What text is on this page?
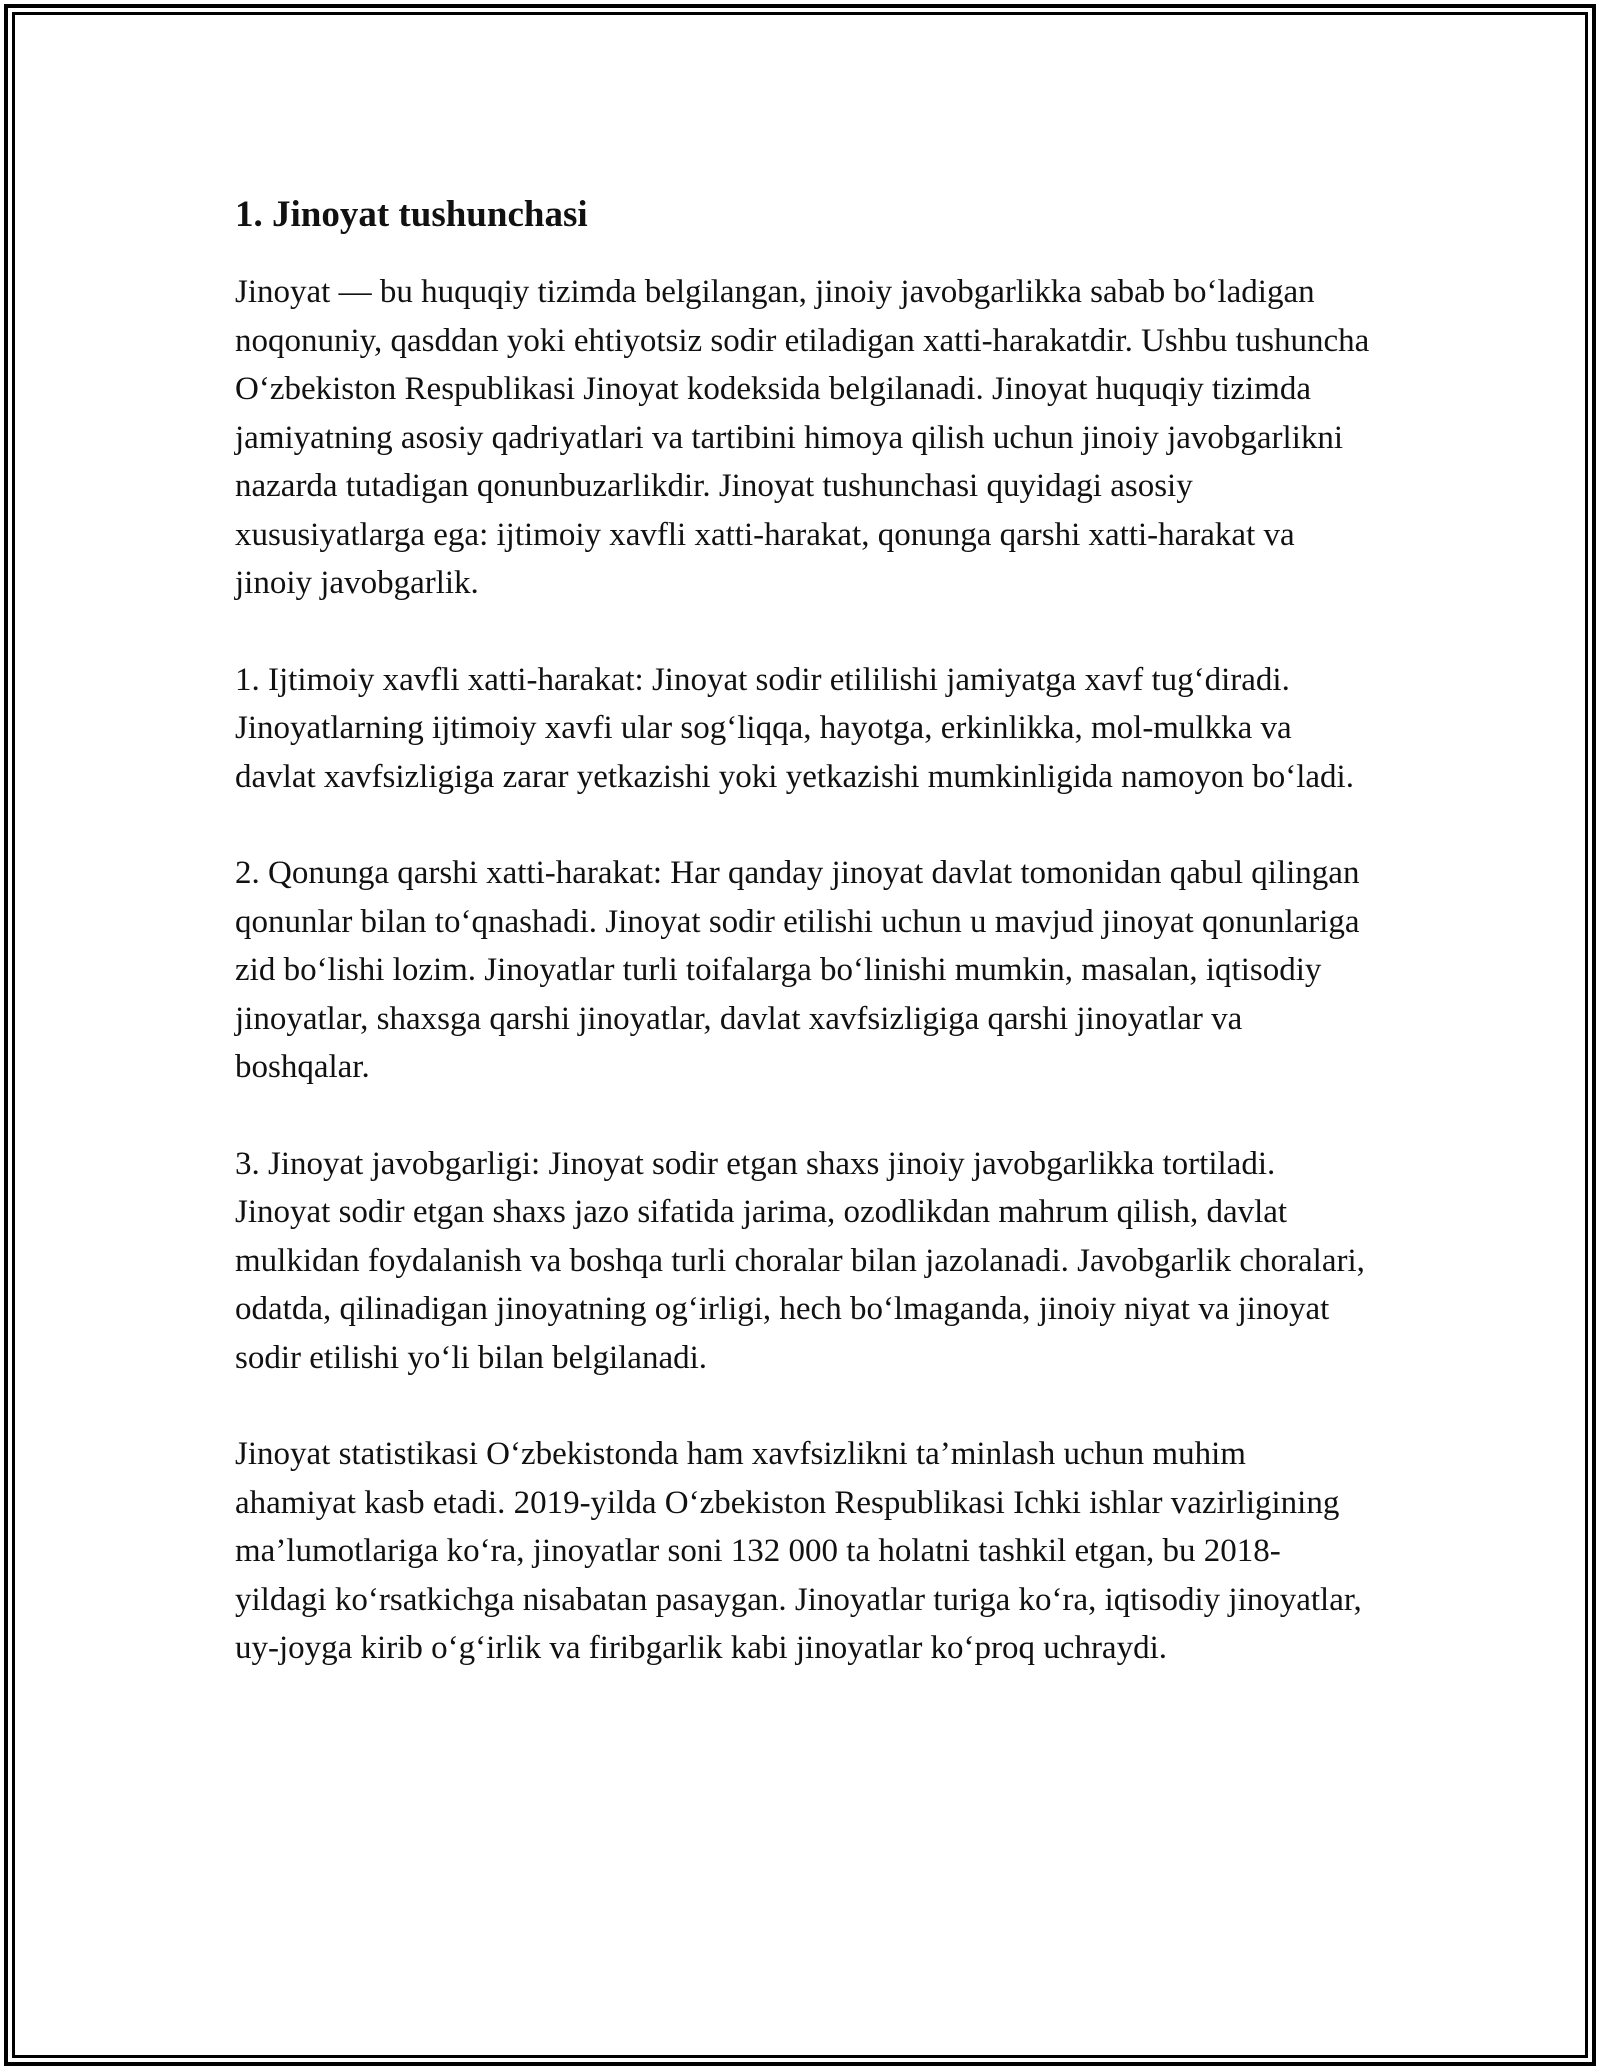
1. Jinoyat tushunchasi

Jinoyat — bu huquqiy tizimda belgilangan, jinoiy javobgarlikka sabab bo‘ladigan noqonuniy, qasddan yoki ehtiyotsiz sodir etiladigan xatti-harakatdir. Ushbu tushuncha O‘zbekiston Respublikasi Jinoyat kodeksida belgilanadi. Jinoyat huquqiy tizimda jamiyatning asosiy qadriyatlari va tartibini himoya qilish uchun jinoiy javobgarlikni nazarda tutadigan qonunbuzarlikdir. Jinoyat tushunchasi quyidagi asosiy xususiyatlarga ega: ijtimoiy xavfli xatti-harakat, qonunga qarshi xatti-harakat va jinoiy javobgarlik.

1. Ijtimoiy xavfli xatti-harakat: Jinoyat sodir etililishi jamiyatga xavf tug‘diradi. Jinoyatlarning ijtimoiy xavfi ular sog‘liqqa, hayotga, erkinlikka, mol-mulkka va davlat xavfsizligiga zarar yetkazishi yoki yetkazishi mumkinligida namoyon bo‘ladi.

2. Qonunga qarshi xatti-harakat: Har qanday jinoyat davlat tomonidan qabul qilingan qonunlar bilan to‘qnashadi. Jinoyat sodir etilishi uchun u mavjud jinoyat qonunlariga zid bo‘lishi lozim. Jinoyatlar turli toifalarga bo‘linishi mumkin, masalan, iqtisodiy jinoyatlar, shaxsga qarshi jinoyatlar, davlat xavfsizligiga qarshi jinoyatlar va boshqalar.

3. Jinoyat javobgarligi: Jinoyat sodir etgan shaxs jinoiy javobgarlikka tortiladi. Jinoyat sodir etgan shaxs jazo sifatida jarima, ozodlikdan mahrum qilish, davlat mulkidan foydalanish va boshqa turli choralar bilan jazolanadi. Javobgarlik choralari, odatda, qilinadigan jinoyatning og‘irligi, hech bo‘lmaganda, jinoiy niyat va jinoyat sodir etilishi yo‘li bilan belgilanadi.

Jinoyat statistikasi O‘zbekistonda ham xavfsizlikni ta’minlash uchun muhim ahamiyat kasb etadi. 2019-yilda O‘zbekiston Respublikasi Ichki ishlar vazirligining ma’lumotlariga ko‘ra, jinoyatlar soni 132 000 ta holatni tashkil etgan, bu 2018-yildagi ko‘rsatkichga nisabatan pasaygan. Jinoyatlar turiga ko‘ra, iqtisodiy jinoyatlar, uy-joyga kirib o‘g‘irlik va firibgarlik kabi jinoyatlar ko‘proq uchraydi.
